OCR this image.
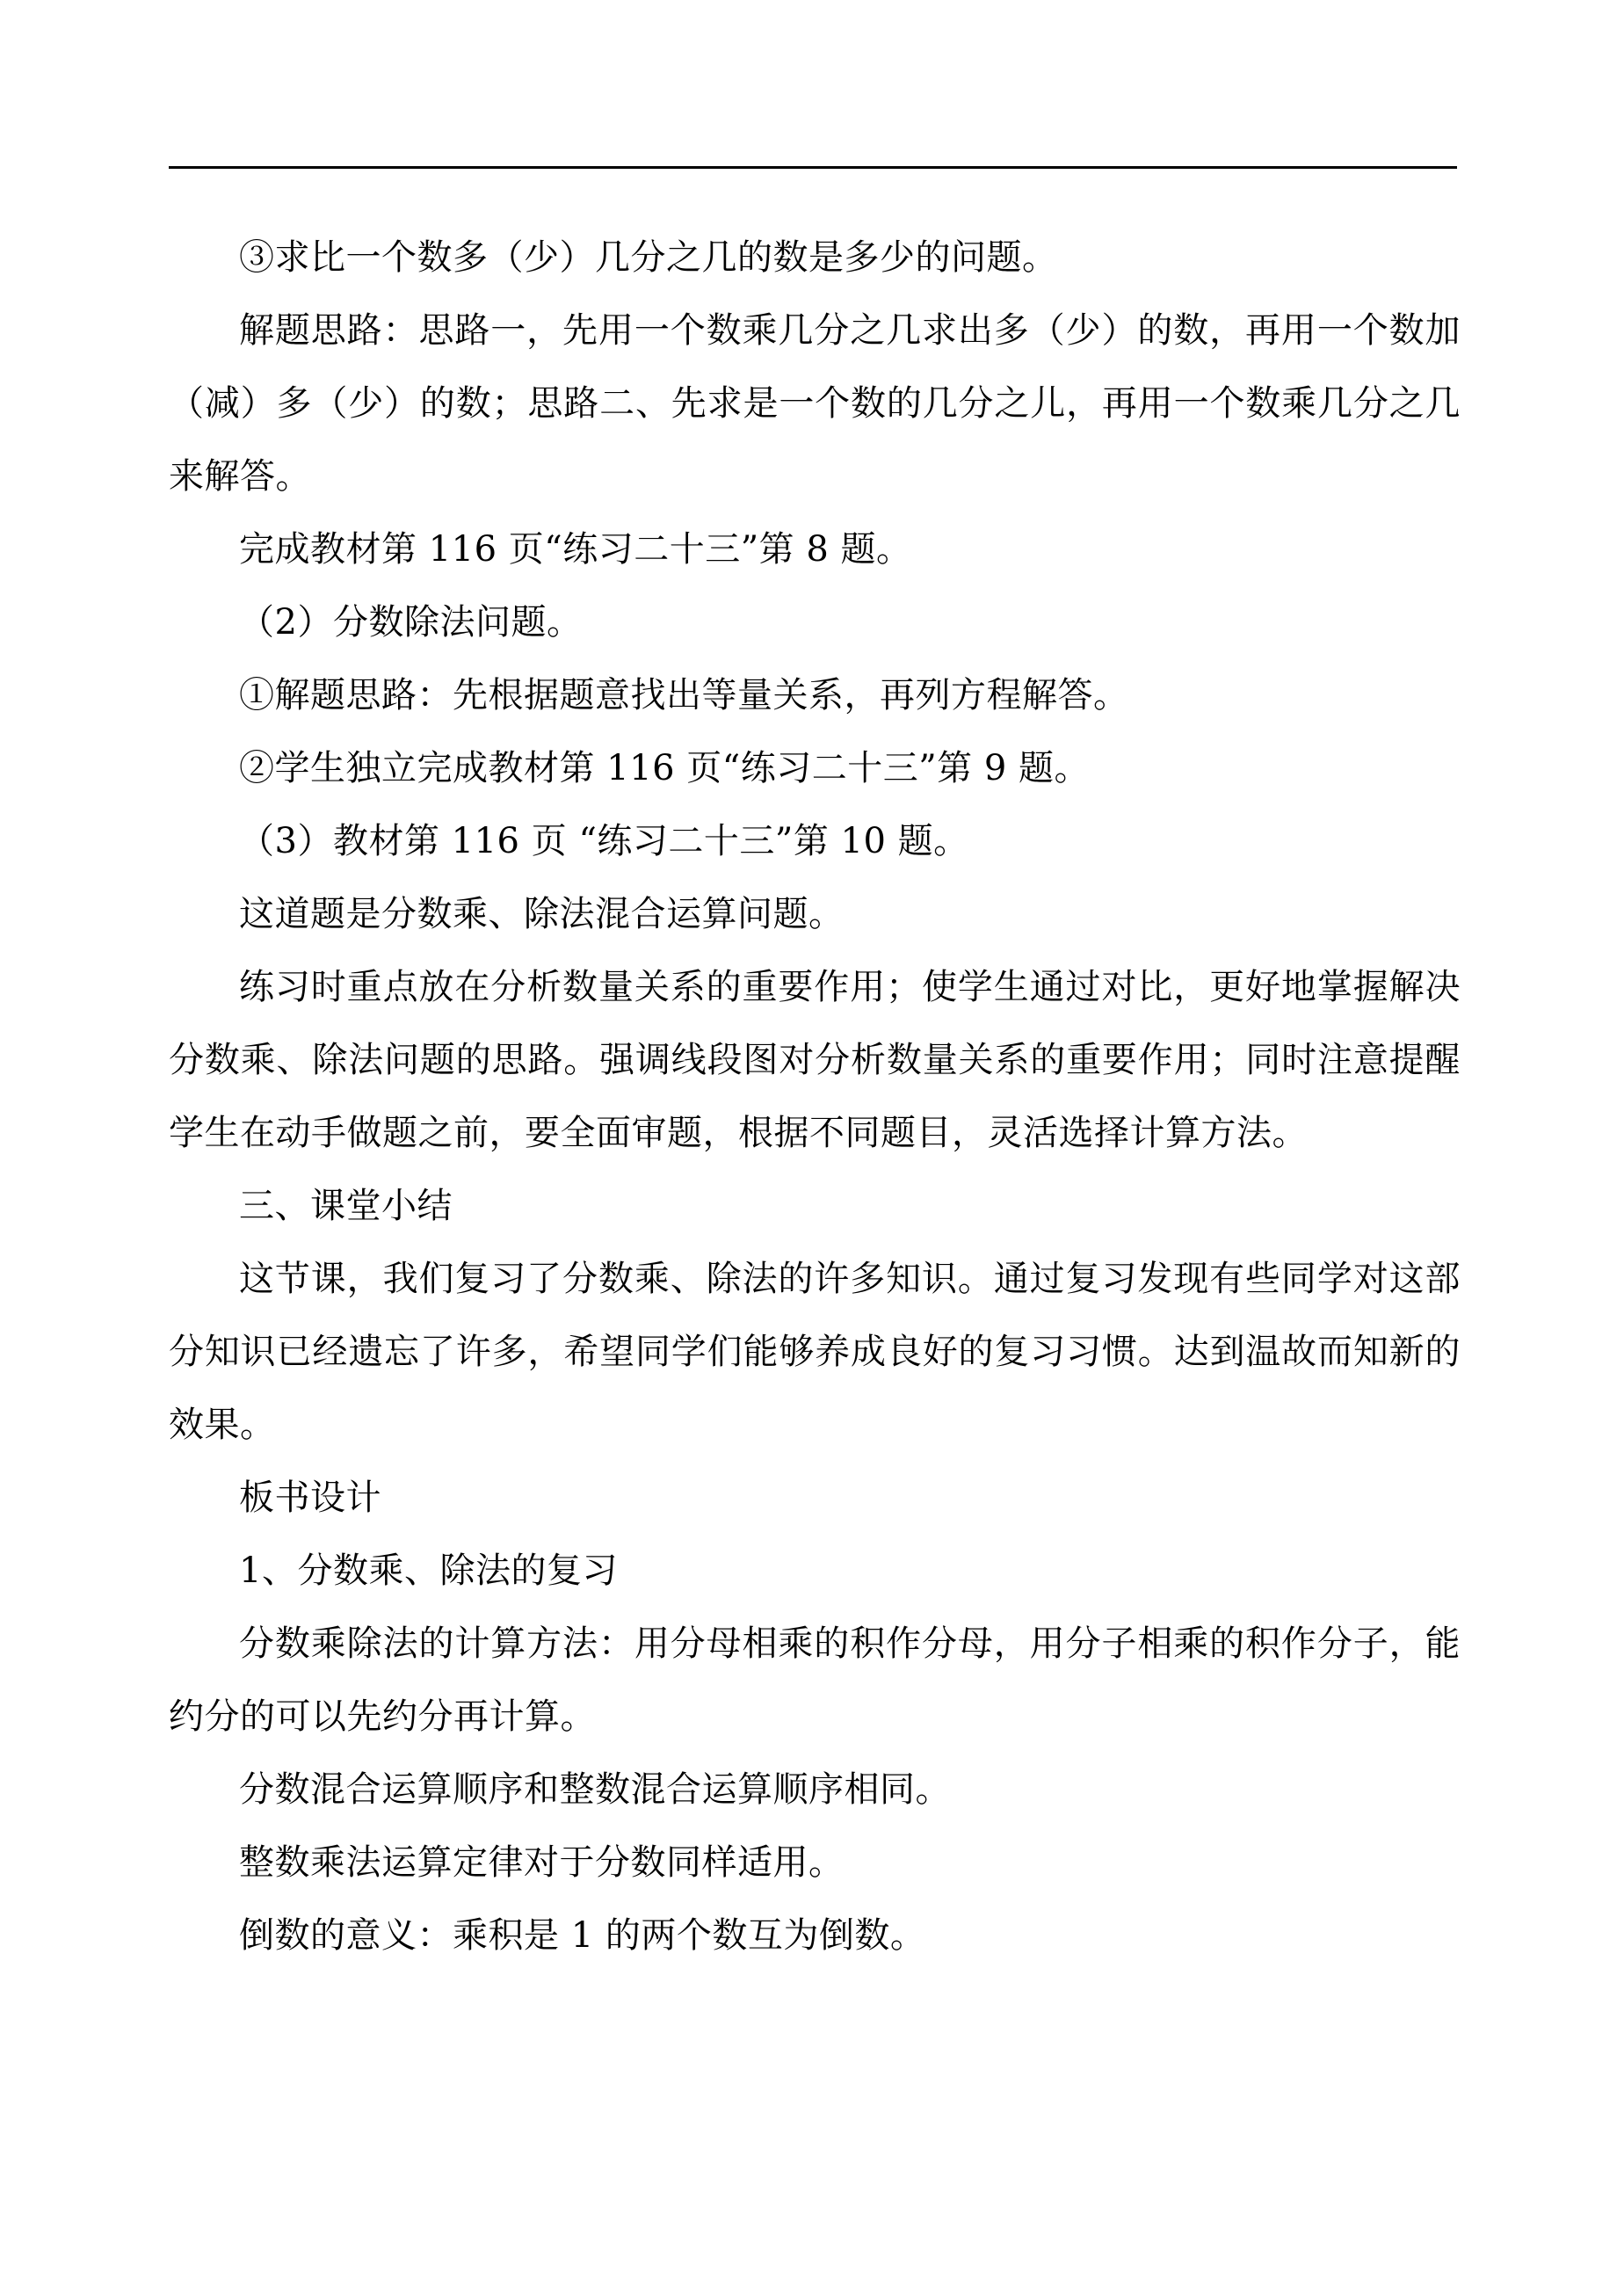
③求比一个数多（少）几分之几的数是多少的问题。

解题思路：思路一，先用一个数乘几分之几求出多（少）的数，再用一个数加（减）多（少）的数；思路二、先求是一个数的几分之儿，再用一个数乘几分之几来解答。

完成教材第 116 页“练习二十三”第 8 题。

（2）分数除法问题。

①解题思路：先根据题意找出等量关系，再列方程解答。

②学生独立完成教材第 116 页“练习二十三”第 9 题。

（3）教材第 116 页 “练习二十三”第 10 题。

这道题是分数乘、除法混合运算问题。

练习时重点放在分析数量关系的重要作用；使学生通过对比，更好地掌握解决分数乘、除法问题的思路。强调线段图对分析数量关系的重要作用；同时注意提醒学生在动手做题之前，要全面审题，根据不同题目，灵活选择计算方法。

三、课堂小结

这节课，我们复习了分数乘、除法的许多知识。通过复习发现有些同学对这部分知识已经遗忘了许多，希望同学们能够养成良好的复习习惯。达到温故而知新的效果。

板书设计

1、分数乘、除法的复习

分数乘除法的计算方法：用分母相乘的积作分母，用分子相乘的积作分子，能约分的可以先约分再计算。

分数混合运算顺序和整数混合运算顺序相同。

整数乘法运算定律对于分数同样适用。

倒数的意义：乘积是 1 的两个数互为倒数。
